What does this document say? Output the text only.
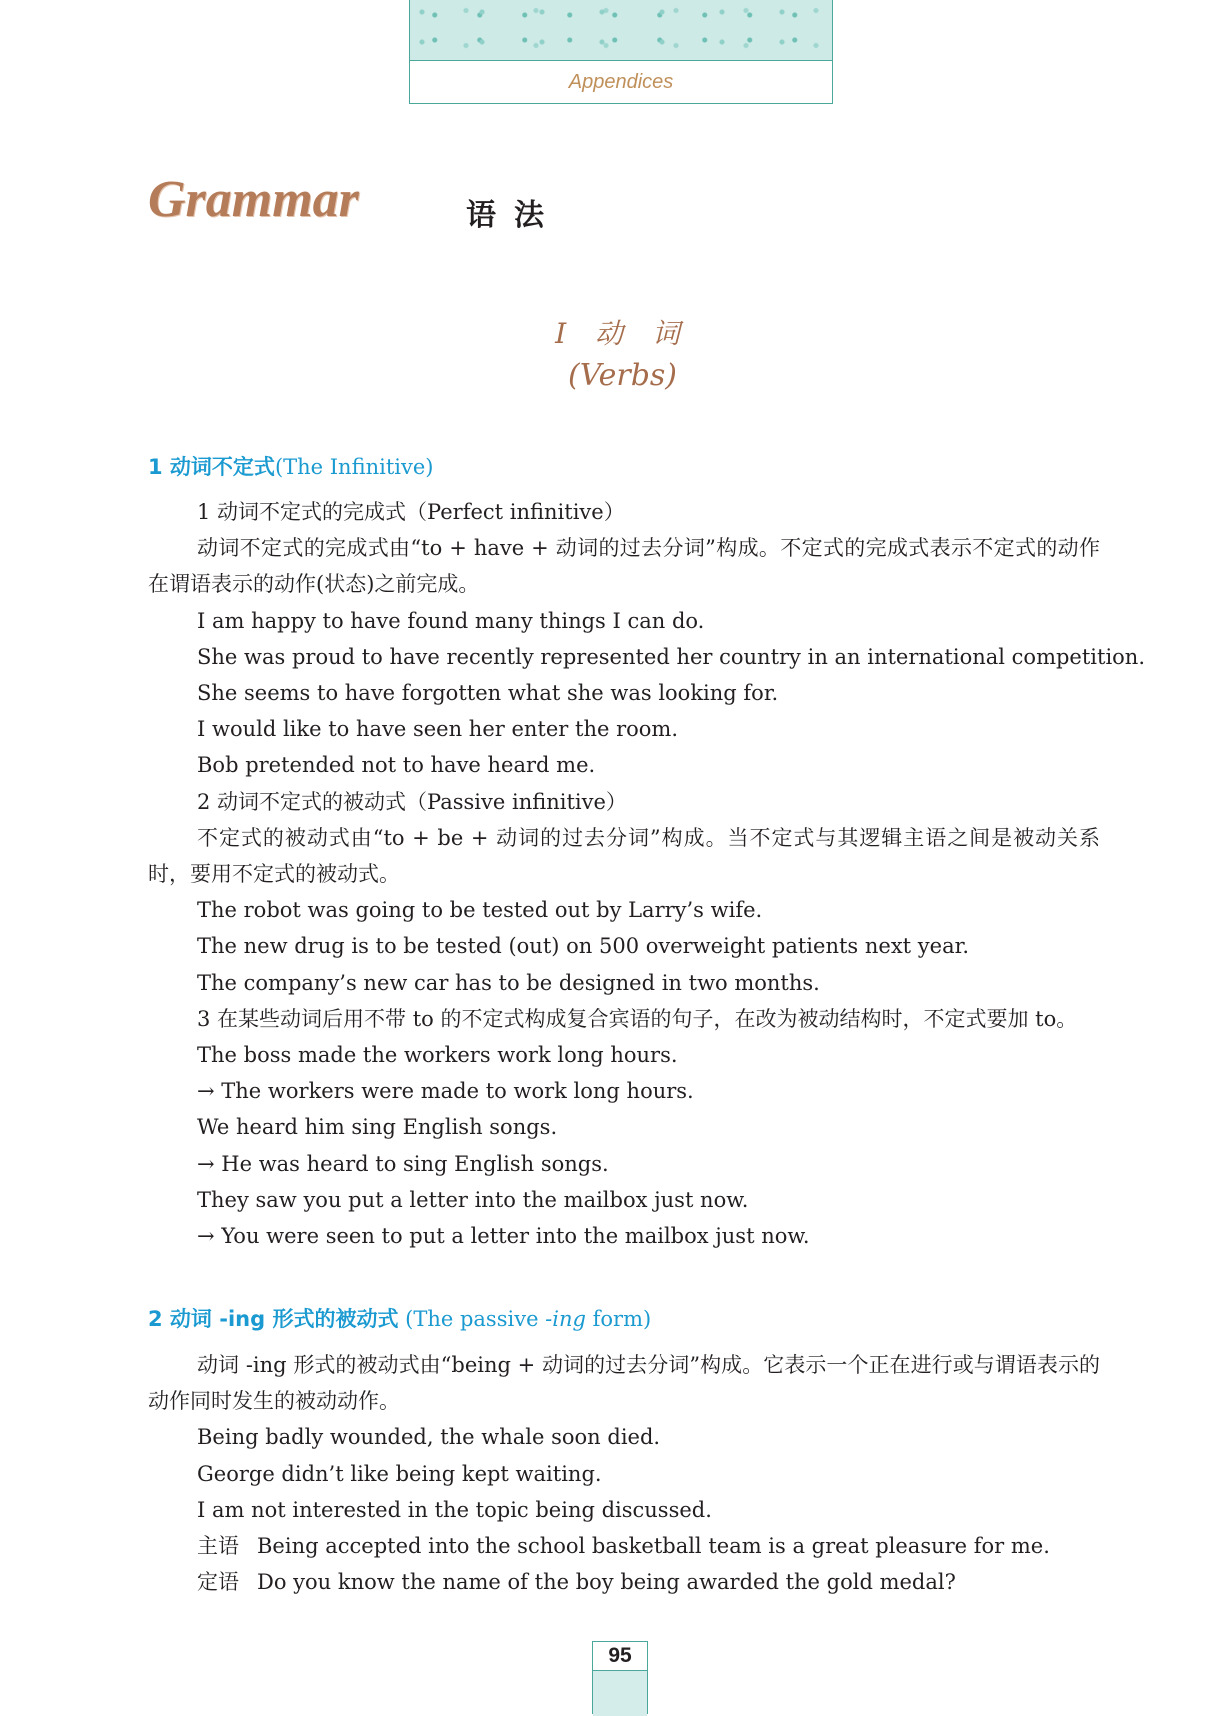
Appendices
Grammar	语法
I 动 词
(Verbs)
1 动词不定式(The Infinitive)

1 动词不定式的完成式（Perfect infinitive）

动词不定式的完成式由“to + have + 动词的过去分词”构成。不定式的完成式表示不定式的动作在谓语表示的动作(状态)之前完成。

I am happy to have found many things I can do.

She was proud to have recently represented her country in an international competition.

She seems to have forgotten what she was looking for.

I would like to have seen her enter the room.

Bob pretended not to have heard me.

2 动词不定式的被动式（Passive infinitive）

不定式的被动式由“to + be + 动词的过去分词”构成。当不定式与其逻辑主语之间是被动关系时，要用不定式的被动式。

The robot was going to be tested out by Larry’s wife.

The new drug is to be tested (out) on 500 overweight patients next year.

The company’s new car has to be designed in two months.

3 在某些动词后用不带 to 的不定式构成复合宾语的句子，在改为被动结构时，不定式要加 to。

The boss made the workers work long hours.

→ The workers were made to work long hours.

We heard him sing English songs.

→ He was heard to sing English songs.

They saw you put a letter into the mailbox just now.

→ You were seen to put a letter into the mailbox just now.

2 动词 -ing 形式的被动式 (The passive -ing form)

动词 -ing 形式的被动式由“being + 动词的过去分词”构成。它表示一个正在进行或与谓语表示的动作同时发生的被动动作。

Being badly wounded, the whale soon died.

George didn’t like being kept waiting.

I am not interested in the topic being discussed.

主语 Being accepted into the school basketball team is a great pleasure for me.

定语 Do you know the name of the boy being awarded the gold medal?

95
